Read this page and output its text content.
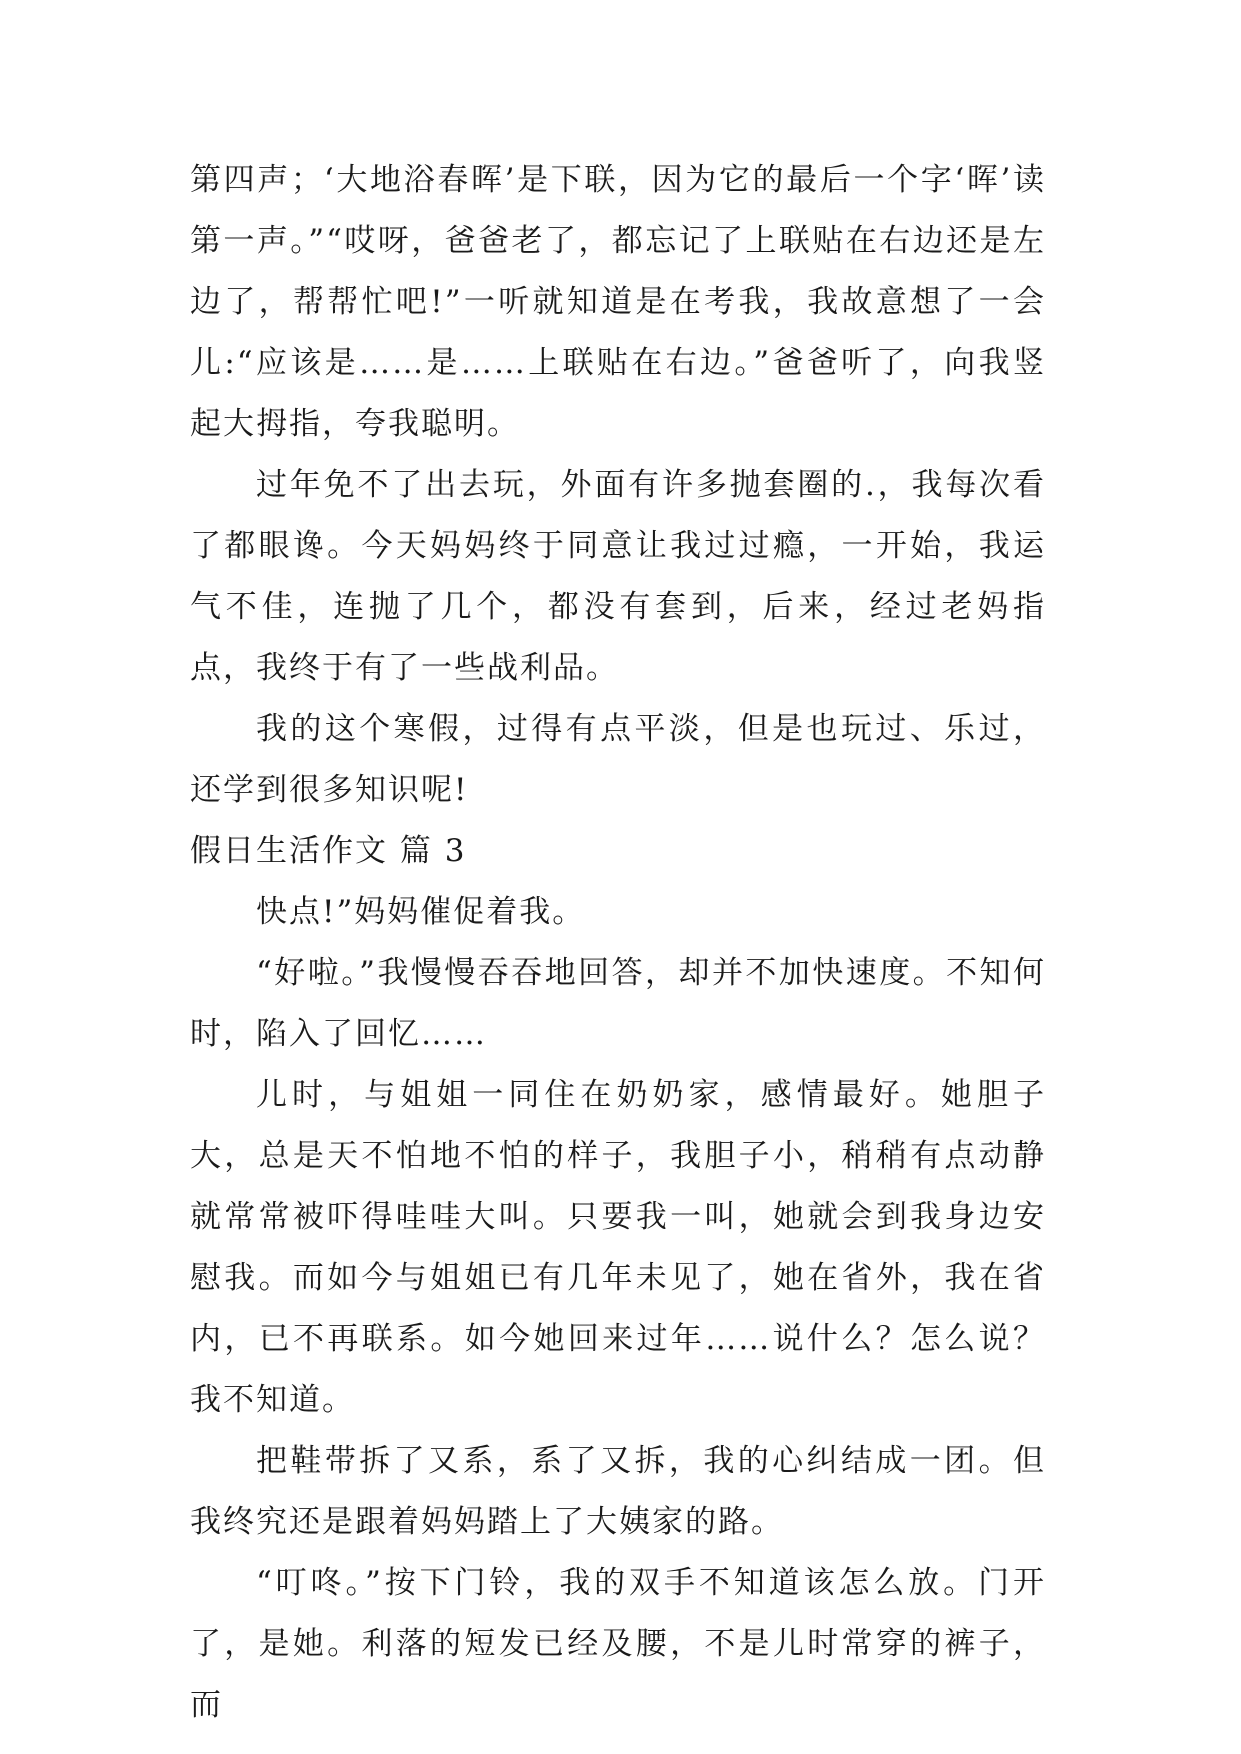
第四声；‘大地浴春晖’是下联，因为它的最后一个字‘晖’读第一声。”“哎呀，爸爸老了，都忘记了上联贴在右边还是左边了，帮帮忙吧!”一听就知道是在考我，我故意想了一会儿:“应该是……是……上联贴在右边。”爸爸听了，向我竖起大拇指，夸我聪明。

过年免不了出去玩，外面有许多抛套圈的.，我每次看了都眼谗。今天妈妈终于同意让我过过瘾，一开始，我运气不佳，连抛了几个，都没有套到，后来，经过老妈指点，我终于有了一些战利品。

我的这个寒假，过得有点平淡，但是也玩过、乐过，还学到很多知识呢!

假日生活作文 篇 3

快点!”妈妈催促着我。

“好啦。”我慢慢吞吞地回答，却并不加快速度。不知何时，陷入了回忆……

儿时，与姐姐一同住在奶奶家，感情最好。她胆子大，总是天不怕地不怕的样子，我胆子小，稍稍有点动静就常常被吓得哇哇大叫。只要我一叫，她就会到我身边安慰我。而如今与姐姐已有几年未见了，她在省外，我在省内，已不再联系。如今她回来过年……说什么？怎么说？我不知道。

把鞋带拆了又系，系了又拆，我的心纠结成一团。但我终究还是跟着妈妈踏上了大姨家的路。

“叮咚。”按下门铃，我的双手不知道该怎么放。门开了，是她。利落的短发已经及腰，不是儿时常穿的裤子，而
